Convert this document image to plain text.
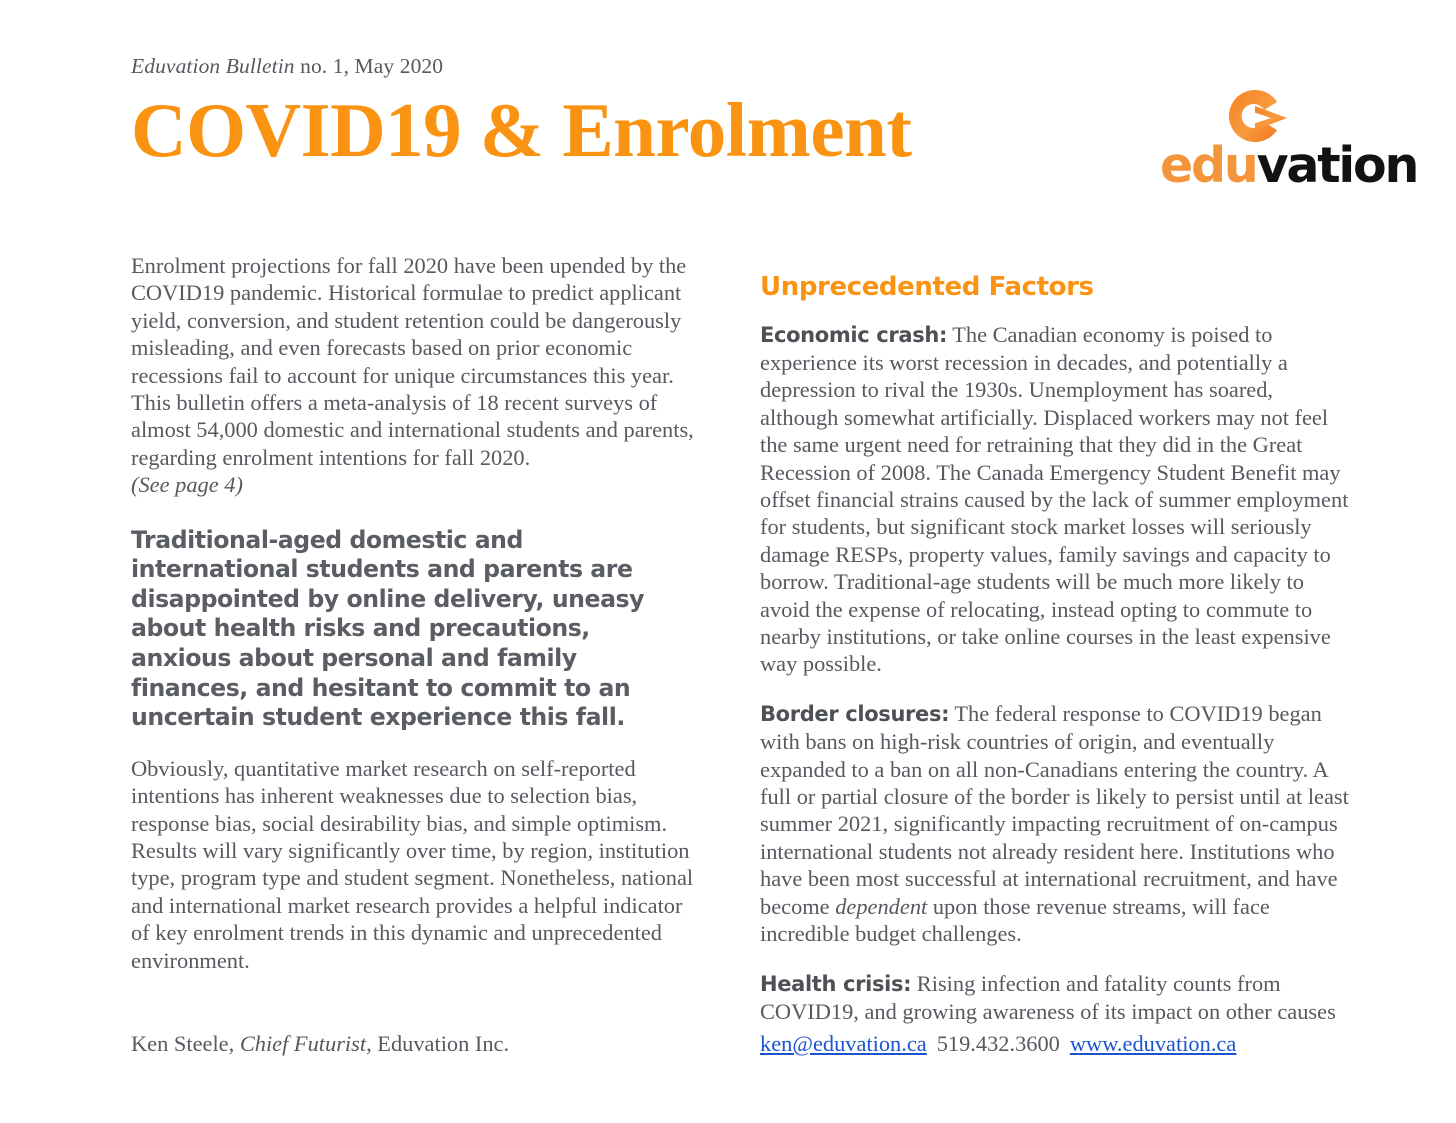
Eduvation Bulletin no. 1, May 2020
COVID19 & Enrolment	eduvation

Enrolment projections for fall 2020 have been upended by the COVID19 pandemic. Historical formulae to predict applicant yield, conversion, and student retention could be dangerously misleading, and even forecasts based on prior economic recessions fail to account for unique circumstances this year. This bulletin offers a meta-analysis of 18 recent surveys of almost 54,000 domestic and international students and parents, regarding enrolment intentions for fall 2020.

(See page 4)

Traditional-aged domestic and international students and parents are disappointed by online delivery, uneasy about health risks and precautions, anxious about personal and family finances, and hesitant to commit to an uncertain student experience this fall.

Obviously, quantitative market research on self-reported intentions has inherent weaknesses due to selection bias, response bias, social desirability bias, and simple optimism. Results will vary significantly over time, by region, institution type, program type and student segment. Nonetheless, national and international market research provides a helpful indicator of key enrolment trends in this dynamic and unprecedented environment.

Unprecedented Factors

Economic crash: The Canadian economy is poised to experience its worst recession in decades, and potentially a depression to rival the 1930s. Unemployment has soared, although somewhat artificially. Displaced workers may not feel the same urgent need for retraining that they did in the Great Recession of 2008. The Canada Emergency Student Benefit may offset financial strains caused by the lack of summer employment for students, but significant stock market losses will seriously damage RESPs, property values, family savings and capacity to borrow. Traditional-age students will be much more likely to avoid the expense of relocating, instead opting to commute to nearby institutions, or take online courses in the least expensive way possible.

Border closures: The federal response to COVID19 began with bans on high-risk countries of origin, and eventually expanded to a ban on all non-Canadians entering the country. A full or partial closure of the border is likely to persist until at least summer 2021, significantly impacting recruitment of on-campus international students not already resident here. Institutions who have been most successful at international recruitment, and have become dependent upon those revenue streams, will face incredible budget challenges.

Health crisis: Rising infection and fatality counts from COVID19, and growing awareness of its impact on other causes

Ken Steele, Chief Futurist, Eduvation Inc.	ken@eduvation.ca 519.432.3600 www.eduvation.ca
